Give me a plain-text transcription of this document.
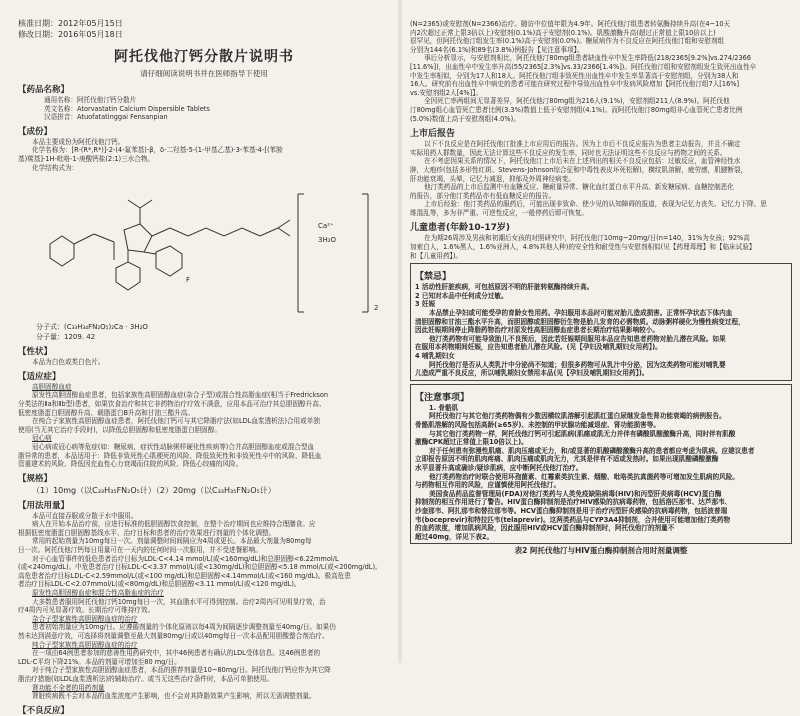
核准日期：2012年05月15日
修改日期：2016年05月18日
阿托伐他汀钙分散片说明书
请仔细阅读说明书并在医师指导下使用
【药品名称】
通用名称：阿托伐他汀钙分散片
英文名称：Atorvastatin Calcium Dispersible Tablets
汉语拼音：Atuofatatinggai Fensanpian
【成份】
本品主要成份为阿托伐他汀钙。
化学名称为：[R-(R*,R*)]-2-(4-氟苯基)-β，δ-二羟基-5-(1-甲基乙基)-3-苯基-4-[(苯胺
基)羰基]-1H-吡咯-1-庚酸钙盐(2:1)三水合物。
化学结构式为：
Ca²⁺
3H₂O
F
2
分子式：(C₃₃H₃₄FN₂O₅)₂Ca · 3H₂O
分子量：1209. 42
【性状】
本品为白色或类白色片。
【适应症】
高胆固醇血症
原发性高胆固醇血症患者，包括家族性高胆固醇血症(杂合子型)或混合性高脂血症(相当于Fredrickson
分类法的Ⅱa和Ⅱb型)患者，如果饮食治疗和其它非药物治疗疗效不满意，应用本品可治疗其总胆固醇升高、
低密度脂蛋白胆固醇升高、载脂蛋白B升高和甘油三酯升高。
在纯合子家族性高胆固醇血症患者，阿托伐他汀钙可与其它降脂疗法(如LDL血浆透析法)合用或单独
使用(当无其它治疗手段时)，以降低总胆固醇和低密度脂蛋白胆固醇。
冠心病
冠心病或冠心病等危症(如：糖尿病，症状性动脉粥样硬化性疾病等)合并高胆固醇血症或混合型血
脂异常的患者，本品适用于：降低非致死性心肌梗死的风险、降低致死性和非致死性卒中的风险、降低血
管重建术的风险、降低因充血性心力衰竭而住院的风险、降低心绞痛的风险。
【规格】
（1）10mg（以C₃₃H₃₅FN₂O₅计）（2）20mg（以C₃₃H₃₅FN₂O₅计）
【用法用量】
本品可直接吞服或分散于水中服用。
病人在开始本品治疗前，应进行标准的低胆固醇饮食控制，在整个治疗期间也应维持合理膳食。应
根据低密度脂蛋白胆固醇基线水平、治疗目标和患者的治疗效果进行剂量的个体化调整。
常用的起始剂量为10mg每日一次。剂量调整时间间隔应为4周或更长。本品最大剂量为80mg每
日一次。阿托伐他汀钙每日用量可在一天内的任何时间一次服用，并不受进餐影响。
对于心血管事件的低危患者治疗目标为LDL-C<4.14 mmol/L(或<160mg/dL)和总胆固醇<6.22mmol/L
(或<240mg/dL)。中危患者治疗目标LDL-C<3.37 mmol/L(或<130mg/dL)和总胆固醇<5.18 mmol/L(或<200mg/dL)。
高危患者治疗目标LDL-C<2.59mmol/L(或<100 mg/dL)和总胆固醇<4.14mmol/L(或<160 mg/dL)。极高危患
者治疗目标LDL-C<2.07mmol/L(或<80mg/dL)和总胆固醇<3.11 mmol/L(或<120 mg/dL)。
原发性高胆固醇血症和混合性高脂血症的治疗
大多数患者服用阿托伐他汀钙10mg每日一次，其血脂水平可得到控制。治疗2周内可见明显疗效，治
疗4周内可见显著疗效。长期治疗可维持疗效。
杂合子型家族性高胆固醇血症的治疗
患者初始剂量应为10mg/日。应遵循剂量的个体化原则以每4周为间隔逐步调整剂量至40mg/日。如果仍
然未达到满意疗效，可选择将剂量调整至最大剂量80mg/日或以40mg每日一次本品配用胆酸螯合剂治疗。
纯合子型家族性高胆固醇血症的治疗
在一项由64例患者参加的慈善性用药研究中，其中46例患者有确认的LDL受体信息。这46例患者的
LDL-C平均下降21%。本品的剂量可增加至80 mg/日。
对于纯合子型家族性高胆固醇血症患者，本品的推荐剂量是10~80mg/日。阿托伐他汀钙应作为其它降
脂治疗措施(如LDL血浆透析法)的辅助治疗。或当无这些治疗条件时，本品可单独使用。
肾功能不全者的用药剂量
肾脏疾病既不会对本品的血浆浓度产生影响，也不会对其降脂效果产生影响，所以无需调整剂量。
【不良反应】
(N=2365)或安慰剂(N=2366)治疗。随访中位值年限为4.9年。阿托伐他汀组患者转氨酶持续升高(在4~10天
内2次超过正常上限3倍以上)安慰剂(0.1%)高于安慰剂(0.1%)。肌酸激酶升高(超过正常值上限10倍以上)
很罕见，但阿托伐他汀组发生率(0.1%)高于安慰剂(0.0%)。糖尿病作为不良反应在阿托伐他汀组和安慰剂组
分别为144名(6.1%)和89名(3.8%)例报告【见注意事项】。
事后分析显示，与安慰剂相比，阿托伐他汀80mg组患者缺血性卒中发生率降低(218/2365[9.2%]vs.274/2366
[11.6%])，出血性卒中发生率升高(55/2365[2.3%]vs.33/2366[1.4%])。阿托伐他汀组和安慰剂组发生致死出血性卒
中发生率相似，分别为17人和18人。阿托伐他汀组非致死性出血性卒中发生率显著高于安慰剂组，分别为38人和
16人。研究前有出血性卒中病史的患者可能在研究过程中导致出血性卒中发病风险增加【阿托伐他汀组7人[16%]
vs.安慰剂组2人[4%]】。
全因死亡率两组间无显著差异，阿托伐他汀80mg组为216人(9.1%)，安慰剂组211人(8.9%)。阿托伐他
汀80mg组心血管死亡患者比例(3.3%)数值上低于安慰剂组(4.1%)。而阿托伐他汀80mg组非心血管死亡患者比例
(5.0%)数值上高于安慰剂组(4.0%)。
上市后报告
以下不良反应是在阿托伐他汀批准上市应用后的报告。因为上市后不良反应报告为患者主动报告，并且不确定
实际用药人群数量，因此无法计算这些不良反应的发生率，同时也无法证明这些不良反应与药物之间的关系。
在不考虑因果关系的情况下，阿托伐他汀上市后未在上述列出的相关不良反应包括：过敏反应，血管神经性水
肿，大疱疹(包括多形性红斑、Stevens-Johnson综合征和中毒性表皮坏死松解)，横纹肌溶解，疲劳感，肌腱断裂，
肝功能衰竭，头晕，记忆力减退，抑郁及外周神经病变。
他汀类药品的上市后监测中有血糖反应、糖耐量异常、糖化血红蛋白水平升高、新发糖尿病、血糖控制恶化
的报告，部分他汀类药品亦有低血糖反应的报告。
上市后经验：他汀类药品的服药后，可能出现非致命、使少见的认知障碍的报道，表现为记忆力丧失、记忆力下降、思
维混乱等，多为非严重、可逆性反应，一般停药后即可恢复。
儿童患者(年龄10-17岁)
在为期26周涉及男孩和初潮后女孩的对照研究中，阿托伐他汀10mg~20mg/日(n=140，31%为女孩；92%高
加索白人，1.6%黑人，1.6%亚洲人，4.8%其他人种)的安全性和耐受性与安慰剂相似(见【药理毒理】和【临床试验】
和【儿童用药】)。
【禁忌】
1 活动性肝脏疾病，可包括原因不明的肝脏转氨酶持续升高。
2 已知对本品中任何成分过敏。
3 妊娠
本品禁止孕妇或可能受孕的育龄女性用药。孕妇服用本品时可能对胎儿造成损害。正常怀孕状态下体内血
清胆固醇和甘油三酯水平升高，而胆固醇或胆固醇衍生物是胎儿发育的必需物质。动脉粥样硬化为慢性病变过程，
因此妊娠期间停止降脂药物治疗对原发性高胆固醇血症患者长期治疗结果影响较小。
他汀类药物有可能导致胎儿不良预后，因此若妊娠期间服用本品应告知患者药物对胎儿潜在风险。如果
在服用本药物期间妊娠，应告知患者胎儿潜在风险。(见【孕妇及哺乳期妇女用药】)。
4 哺乳期妇女
阿托伐他汀是否从人类乳汁中分泌尚不知道；但很多药物可从乳汁中分泌，因为这类药物可能对哺乳婴
儿造成严重不良反应，所以哺乳期妇女禁用本品(见【孕妇及哺乳期妇女用药】)。
【注意事项】
1. 骨骼肌
阿托伐他汀与其它他汀类药物偶有少数因横纹肌溶解引起肌红蛋白尿继发急性肾功能衰竭的病例报告。
骨骼肌溶解的风险包括高龄(≥65岁)、未控制的甲状腺功能减退症、肾功能损害等。
与其它他汀类药物一样，阿托伐他汀钙可引起肌病(肌痛或肌无力并伴有磷酸肌酸激酶升高，同时伴有肌酸
激酶CPK超过正常值上限10倍以上)。
对于任何患有弥漫性肌痛、肌肉压痛或无力，和/或显著的肌酸磷酸激酶升高的患者都应考虑为肌病。应建议患者
立即报告原因不明的肌肉疼痛、肌肉压痛或肌肉无力，尤其是伴有不适或发热时。如果出现肌酸磷酸激酶
水平显著升高或确诊/疑诊肌病，应中断阿托伐他汀治疗。
他汀类药物治疗时联合使用环孢菌素、红霉素类抗生素、烟酸、吡咯类抗真菌药等可增加发生肌病的风险。
与药物相互作用的风险，应谨慎使用阿托伐他汀。
美国食品药品监督管理局(FDA)对他汀类药与人类免疫缺陷病毒(HIV)和丙型肝炎病毒(HCV)蛋白酶
抑制剂的相互作用进行了警告。HIV蛋白酶抑制剂是治疗HIV感染的抗病毒药物，包括洛匹那韦、达芦那韦、
沙奎那韦、阿扎那韦和替拉那韦等。HCV蛋白酶抑制剂是用于治疗丙型肝炎感染的抗病毒药物，包括波普瑞
韦(boceprevir)和特拉匹韦(telaprevir)。这两类药品与CYP3A4抑制剂，合并使用可能增加他汀类药物
的血药浓度，增加肌病风险，因此服用HIV或HCV蛋白酶抑制剂时，阿托伐他汀的剂量不
超过40mg，详见下表2。
表2 阿托伐他汀与HIV蛋白酶抑制剂合用时剂量调整
